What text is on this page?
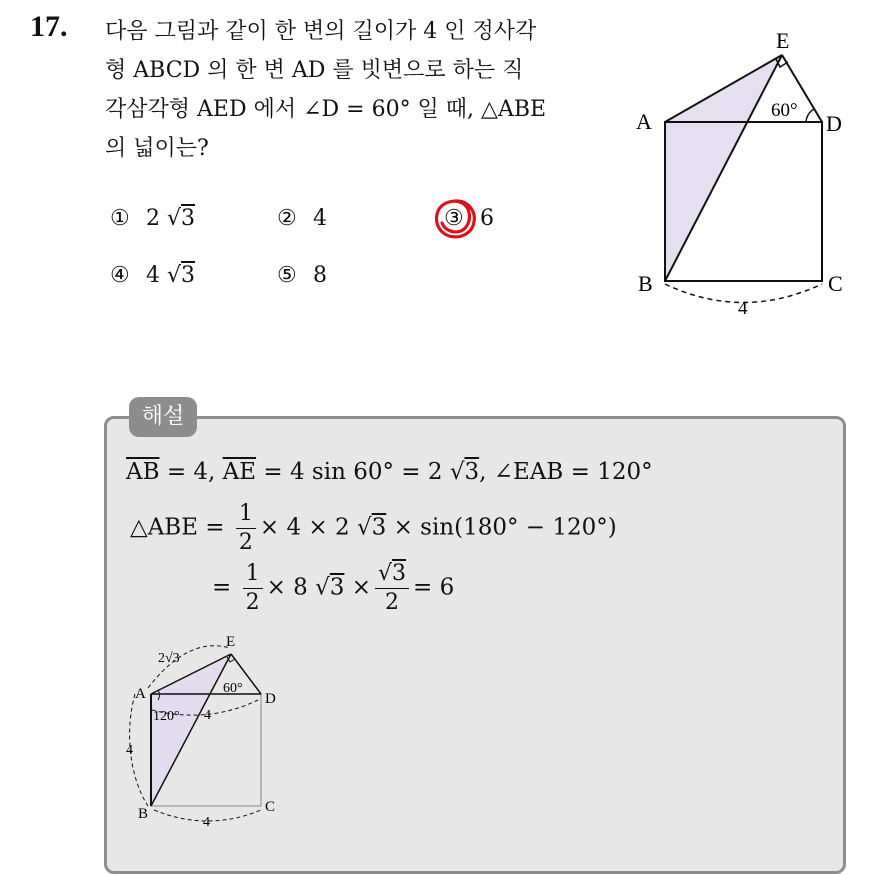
17. 다음 그림과 같이 한 변의 길이가 4 인 정사각
형 ABCD 의 한 변 AD 를 빗변으로 하는 직
각삼각형 AED 에서 ∠D = 60° 일 때, △ABE
의 넓이는?
① 2 √3	② 4	③ 6
④ 4 √3	⑤ 8
E
A	D
B	C
60°
4
해설
$\overline{AB} = 4$, $\overline{AE} = 4$ sin 60° = 2 √3, ∠EAB = 120°
△ABE = $\frac{1}{2} \times 4 \times 2$ √3 × sin(180° − 120°)
= $\frac{1}{2} \times 8$ $√3 \times \frac{√3}{2} = 6$
E
A	D
B	C
2√3
60°
120° 4
4
4
